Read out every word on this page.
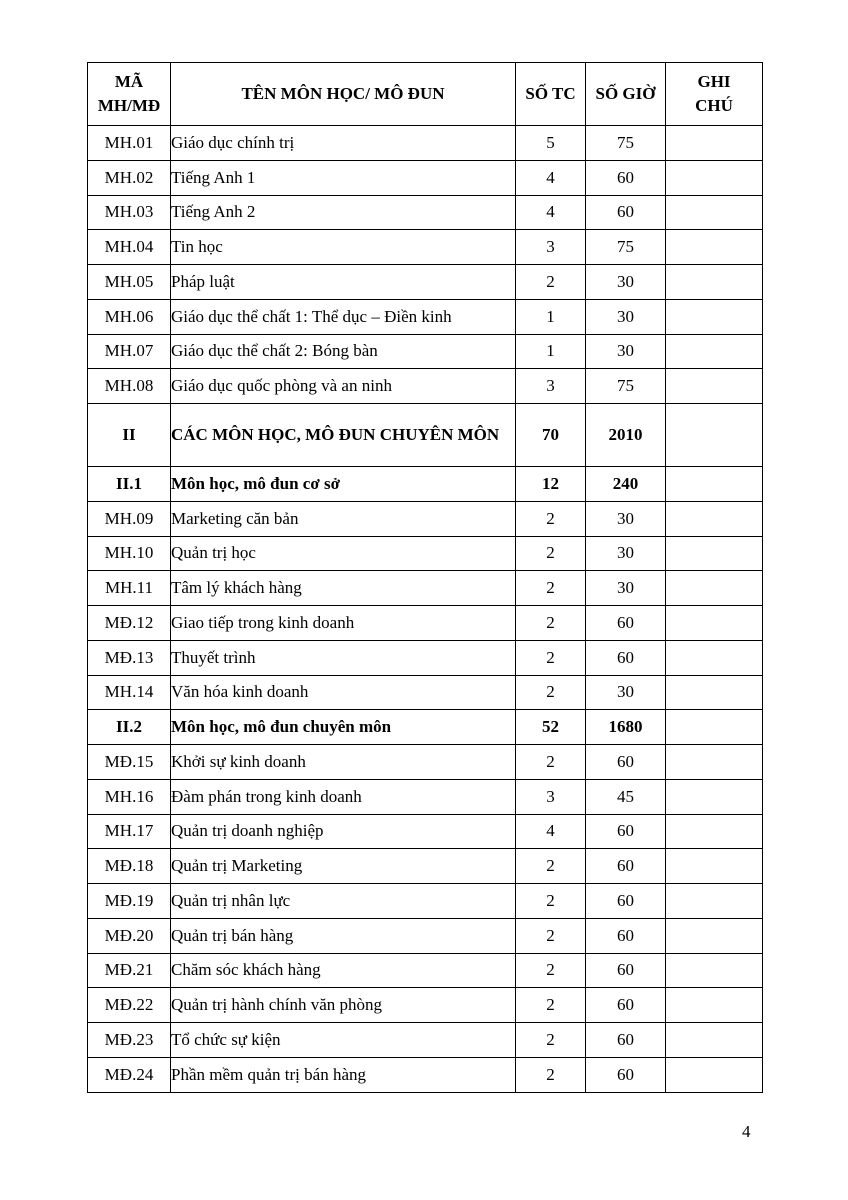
MÃ
MH/MĐ	TÊN MÔN HỌC/ MÔ ĐUN	SỐ TC	SỐ GIỜ	GHI
CHÚ
MH.01	Giáo dục chính trị	5	75	
MH.02	Tiếng Anh 1	4	60	
MH.03	Tiếng Anh 2	4	60	
MH.04	Tin học	3	75	
MH.05	Pháp luật	2	30	
MH.06	Giáo dục thể chất 1: Thể dục – Điền kinh	1	30	
MH.07	Giáo dục thể chất 2: Bóng bàn	1	30	
MH.08	Giáo dục quốc phòng và an ninh	3	75	
II	CÁC MÔN HỌC, MÔ ĐUN CHUYÊN MÔN	70	2010	
II.1	Môn học, mô đun cơ sở	12	240	
MH.09	Marketing căn bản	2	30	
MH.10	Quản trị học	2	30	
MH.11	Tâm lý khách hàng	2	30	
MĐ.12	Giao tiếp trong kinh doanh	2	60	
MĐ.13	Thuyết trình	2	60	
MH.14	Văn hóa kinh doanh	2	30	
II.2	Môn học, mô đun chuyên môn	52	1680	
MĐ.15	Khởi sự kinh doanh	2	60	
MH.16	Đàm phán trong kinh doanh	3	45	
MH.17	Quản trị doanh nghiệp	4	60	
MĐ.18	Quản trị Marketing	2	60	
MĐ.19	Quản trị nhân lực	2	60	
MĐ.20	Quản trị bán hàng	2	60	
MĐ.21	Chăm sóc khách hàng	2	60	
MĐ.22	Quản trị hành chính văn phòng	2	60	
MĐ.23	Tổ chức sự kiện	2	60	
MĐ.24	Phần mềm quản trị bán hàng	2	60	
4
